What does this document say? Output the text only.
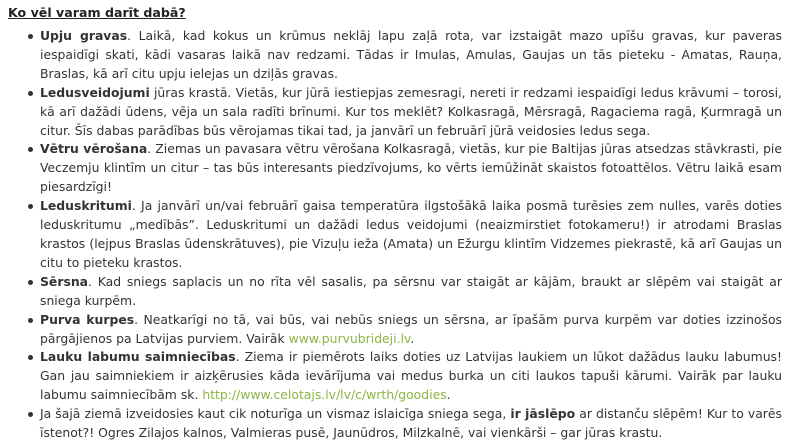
Ko vēl varam darīt dabā?
Upju gravas. Laikā, kad kokus un krūmus neklāj lapu zaļā rota, var izstaigāt mazo upīšu gravas, kur paveras iespaidīgi skati, kādi vasaras laikā nav redzami. Tādas ir Imulas, Amulas, Gaujas un tās pieteku - Amatas, Rauņa, Braslas, kā arī citu upju ielejas un dziļās gravas.
Ledusveidojumi jūras krastā. Vietās, kur jūrā iestiepjas zemesragi, nereti ir redzami iespaidīgi ledus krāvumi – torosi, kā arī dažādi ūdens, vēja un sala radīti brīnumi. Kur tos meklēt? Kolkasragā, Mērsragā, Ragaciema ragā, Ķurmragā un citur. Šīs dabas parādības būs vērojamas tikai tad, ja janvārī un februārī jūrā veidosies ledus sega.
Vētru vērošana. Ziemas un pavasara vētru vērošana Kolkasragā, vietās, kur pie Baltijas jūras atsedzas stāvkrasti, pie Veczemju klintīm un citur – tas būs interesants piedzīvojums, ko vērts iemūžināt skaistos fotoattēlos. Vētru laikā esam piesardzīgi!
Leduskritumi. Ja janvārī un/vai februārī gaisa temperatūra ilgstošākā laika posmā turēsies zem nulles, varēs doties leduskritumu „medībās”. Leduskritumi un dažādi ledus veidojumi (neaizmirstiet fotokameru!) ir atrodami Braslas krastos (lejpus Braslas ūdenskrātuves), pie Vizuļu ieža (Amata) un Ežurgu klintīm Vidzemes piekrastē, kā arī Gaujas un citu to pieteku krastos.
Sērsna. Kad sniegs saplacis un no rīta vēl sasalis, pa sērsnu var staigāt ar kājām, braukt ar slēpēm vai staigāt ar sniega kurpēm.
Purva kurpes. Neatkarīgi no tā, vai būs, vai nebūs sniegs un sērsna, ar īpašām purva kurpēm var doties izzinošos pārgājienos pa Latvijas purviem. Vairāk www.purvubrideji.lv.
Lauku labumu saimniecības. Ziema ir piemērots laiks doties uz Latvijas laukiem un lūkot dažādus lauku labumus! Gan jau saimniekiem ir aizķērusies kāda ievārījuma vai medus burka un citi laukos tapuši kārumi. Vairāk par lauku labumu saimniecībām sk. http://www.celotajs.lv/lv/c/wrth/goodies.
Ja šajā ziemā izveidosies kaut cik noturīga un vismaz islaicīga sniega sega, ir jāslēpo ar distanču slēpēm! Kur to varēs īstenot?! Ogres Zilajos kalnos, Valmieras pusē, Jaunūdros, Milzkalnē, vai vienkārši – gar jūras krastu.
